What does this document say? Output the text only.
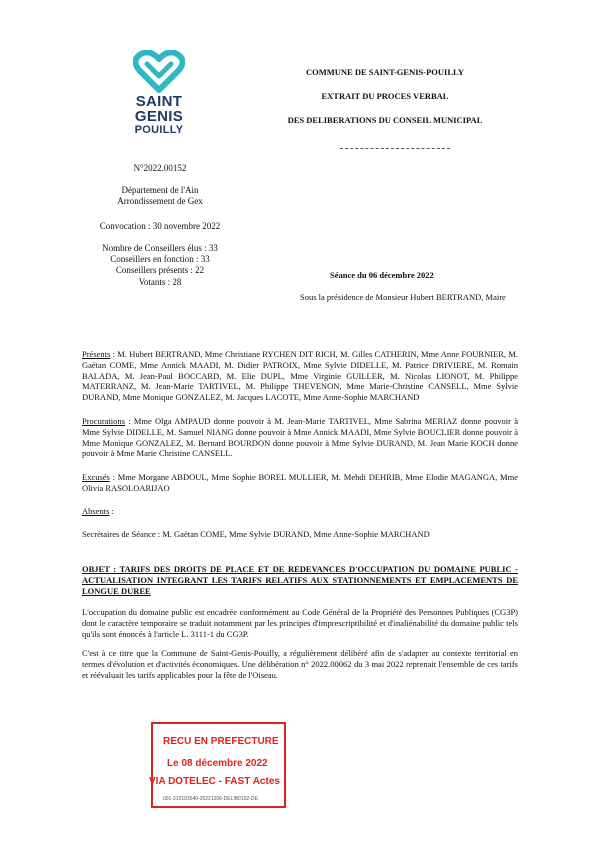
SAINT
GENIS
POUILLY
COMMUNE DE SAINT-GENIS-POUILLY
EXTRAIT DU PROCES VERBAL
DES DELIBERATIONS DU CONSEIL MUNICIPAL
N°2022.00152
Département de l'Ain
Arrondissement de Gex
Convocation : 30 novembre 2022
Nombre de Conseillers élus : 33
Conseillers en fonction : 33
Conseillers présents : 22
Votants : 28
Séance du 06 décembre 2022
Sous la présidence de Monsieur Hubert BERTRAND, Maire
Présents : M. Hubert BERTRAND, Mme Christiane RYCHEN DIT RICH, M. Gilles CATHERIN, Mme Anne FOURNIER, M. Gaëtan COME, Mme Annick MAADI, M. Didier PATROIX, Mme Sylvie DIDELLE, M. Patrice DRIVIERE, M. Romain BALADA, M. Jean-Paul BOCCARD, M. Elie DUPL, Mme Virginie GUILLER, M. Nicolas LIONOT, M. Philippe MATERRANZ, M. Jean-Marie TARTIVEL, M. Philippe THEVENON, Mme Marie-Christine CANSELL, Mme Sylvie DURAND, Mme Monique GONZALEZ, M. Jacques LACOTE, Mme Anne-Sophie MARCHAND
Procurations : Mme Olga AMPAUD donne pouvoir à M. Jean-Marie TARTIVEL, Mme Sabrina MERIAZ donne pouvoir à Mme Sylvie DIDELLE, M. Samuel NIANG donne pouvoir à Mme Annick MAADI, Mme Sylvie BOUCLIER donne pouvoir à Mme Monique GONZALEZ, M. Bernard BOURDON donne pouvoir à Mme Sylvie DURAND, M. Jean Marie KOCH donne pouvoir à Mme Marie Christine CANSELL.
Excusés : Mme Morgane ABDOUL, Mme Sophie BOREL MULLIER, M. Mehdi DEHRIB, Mme Elodie MAGANGA, Mme Olivia RASOLOARIJAO
Absents :
Secrétaires de Séance : M. Gaëtan COME, Mme Sylvie DURAND, Mme Anne-Sophie MARCHAND
OBJET : TARIFS DES DROITS DE PLACE ET DE REDEVANCES D'OCCUPATION DU DOMAINE PUBLIC - ACTUALISATION INTEGRANT LES TARIFS RELATIFS AUX STATIONNEMENTS ET EMPLACEMENTS DE LONGUE DUREE
L'occupation du domaine public est encadrée conformément au Code Général de la Propriété des Personnes Publiques (CG3P) dont le caractère temporaire se traduit notamment par les principes d'imprescriptibilité et d'inaliénabilité du domaine public tels qu'ils sont énoncés à l'article L. 3111-1 du CG3P.
C'est à ce titre que la Commune de Saint-Genis-Pouilly, a régulièrement délibéré afin de s'adapter au contexte territorial en termes d'évolution et d'activités économiques. Une délibération n° 2022.00062 du 3 mai 2022 reprenait l'ensemble de ces tarifs et réévaluait les tarifs applicables pour la fête de l'Oiseau.
RECU EN PREFECTURE
Le 08 décembre 2022
VIA DOTELEC - FAST Actes
001-210103540-20221206-DELIB0152-DE
